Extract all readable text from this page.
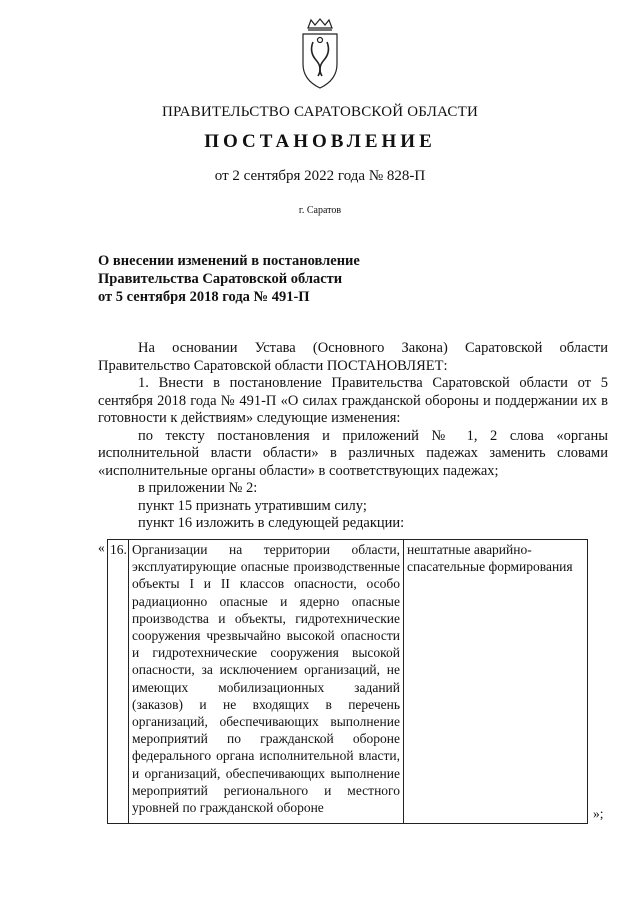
ПРАВИТЕЛЬСТВО САРАТОВСКОЙ ОБЛАСТИ
ПОСТАНОВЛЕНИЕ
от 2 сентября 2022 года № 828-П
г. Саратов
О внесении изменений в постановление
Правительства Саратовской области
от 5 сентября 2018 года № 491-П
На основании Устава (Основного Закона) Саратовской области Правительство Саратовской области ПОСТАНОВЛЯЕТ:
1. Внести в постановление Правительства Саратовской области от 5 сентября 2018 года № 491-П «О силах гражданской обороны и поддержании их в готовности к действиям» следующие изменения:
по тексту постановления и приложений № 1, 2 слова «органы исполнительной власти области» в различных падежах заменить словами «исполнительные органы области» в соответствующих падежах;
в приложении № 2:
пункт 15 признать утратившим силу;
пункт 16 изложить в следующей редакции:
« 16. Организации на территории области, эксплуатирующие опасные производственные объекты I и II классов опасности, особо радиационно опасные и ядерно опасные производства и объекты, гидротехнические сооружения чрезвычайно высокой опасности и гидротехнические сооружения высокой опасности, за исключением организаций, не имеющих мобилизационных заданий (заказов) и не входящих в перечень организаций, обеспечивающих выполнение мероприятий по гражданской обороне федерального органа исполнительной власти, и организаций, обеспечивающих выполнение мероприятий регионального и местного уровней по гражданской обороне
нештатные аварийно-спасательные формирования
»;
